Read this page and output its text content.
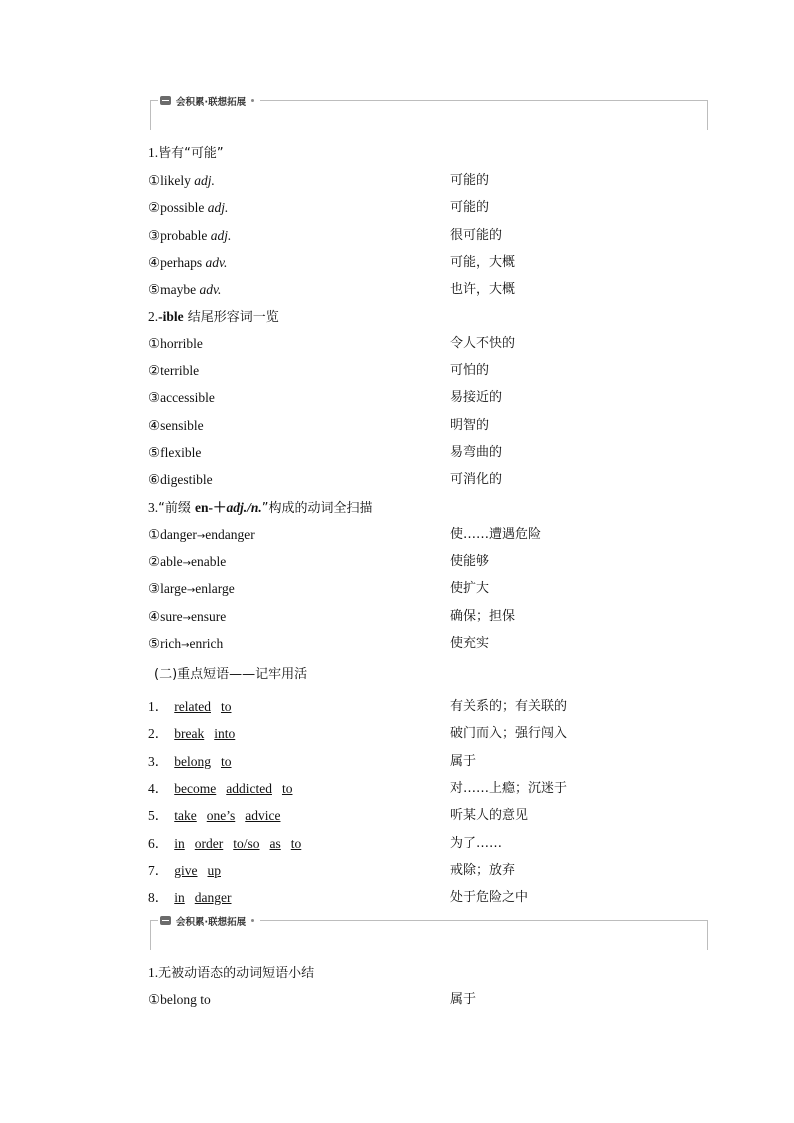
会积累·联想拓展
1.皆有“可能”
①likely adj.	可能的
②possible adj.	可能的
③probable adj.	很可能的
④perhaps adv.	可能，大概
⑤maybe adv.	也许，大概
2.-ible 结尾形容词一览
①horrible	令人不快的
②terrible	可怕的
③accessible	易接近的
④sensible	明智的
⑤flexible	易弯曲的
⑥digestible	可消化的
3.“前缀 en-＋adj./n.”构成的动词全扫描
①danger→endanger	使……遭遇危险
②able→enable	使能够
③large→enlarge	使扩大
④sure→ensure	确保；担保
⑤rich→enrich	使充实
(二)重点短语——记牢用活
1． related to	有关系的；有关联的
2． break into	破门而入；强行闯入
3． belong to	属于
4． become addicted to	对……上瘾；沉迷于
5． take one’s advice	听某人的意见
6． in order to/so as to	为了……
7． give up	戒除；放弃
8． in danger	处于危险之中
会积累·联想拓展
1.无被动语态的动词短语小结
①belong to	属于
